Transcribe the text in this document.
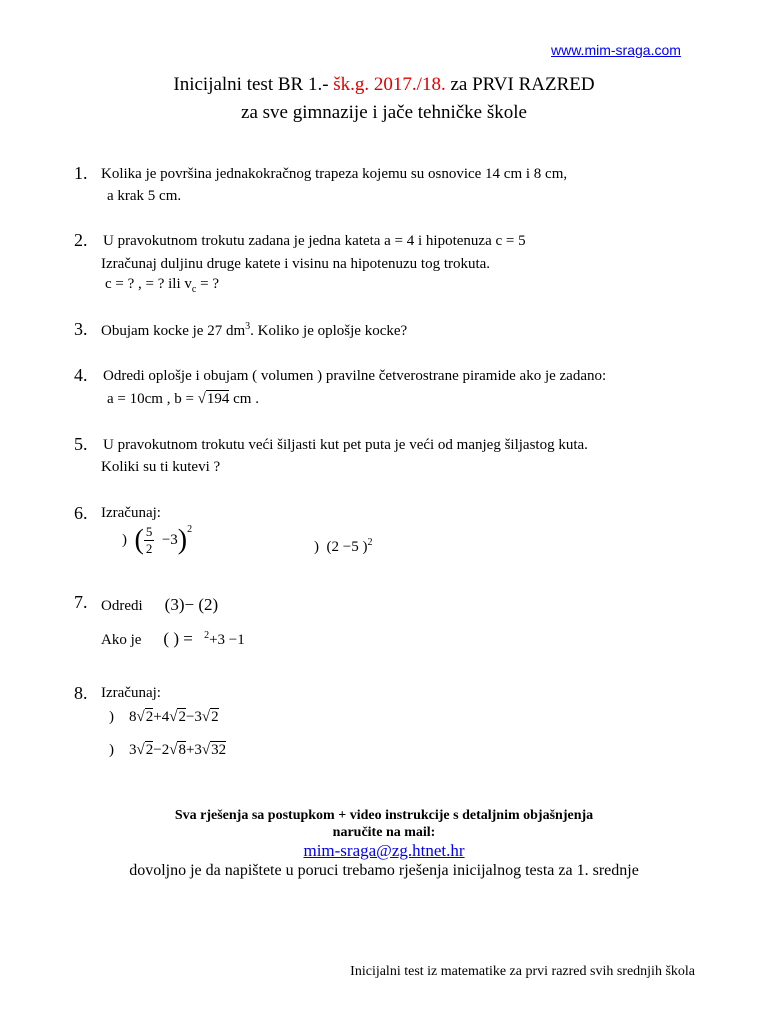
www.mim-sraga.com
Inicijalni test BR 1.- šk.g. 2017./18. za PRVI RAZRED
za sve gimnazije i jače tehničke škole
1. Kolika je površina jednakokračnog trapeza kojemu su osnovice 14 cm i 8 cm,
a krak 5 cm.
2. U pravokutnom trokutu zadana je jedna kateta a = 4 i hipotenuza c = 5
Izračunaj duljinu druge katete i visinu na hipotenuzu tog trokuta.
c = ? , = ? ili $v_c$ = ?
3. Obujam kocke je 27 $dm^3$. Koliko je oplošje kocke?
4. Odredi oplošje i obujam ( volumen ) pravilne četverostrane piramide ako je zadano:
a = 10cm , b = √194 cm .
5. U pravokutnom trokutu veći šiljasti kut pet puta je veći od manjeg šiljastog kuta.
Koliki su ti kutevi ?
6. Izračunaj:
) ( $\frac{5}{2} -3)^2$
) (2 −5 )$^2$
7. Odredi (3)− (2)
Ako je ( ) = $^2$+3 −1
8. Izračunaj:
) 8√2+4√2−3√2
) 3√2−2√8+3√32
Sva rješenja sa postupkom + video instrukcije s detaljnim objašnjenja
naručite na mail:
mim-sraga@zg.htnet.hr
dovoljno je da napištete u poruci trebamo rješenja inicijalnog testa za 1. srednje
Inicijalni test iz matematike za prvi razred svih srednjih škola
